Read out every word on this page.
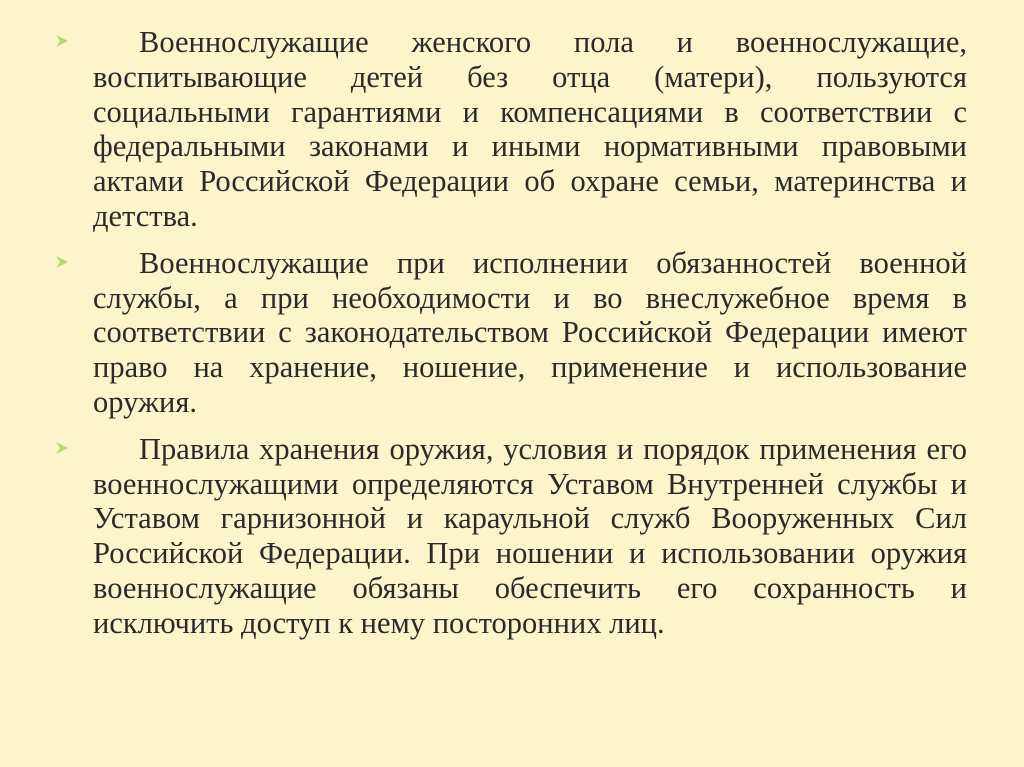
Военнослужащие женского пола и военнослужащие, воспитывающие детей без отца (матери), пользуются социальными гарантиями и компенсациями в соответствии с федеральными законами и иными нормативными правовыми актами Российской Федерации об охране семьи, материнства и детства.

Военнослужащие при исполнении обязанностей военной службы, а при необходимости и во внеслужебное время в соответствии с законодательством Российской Федерации имеют право на хранение, ношение, применение и использование оружия.

Правила хранения оружия, условия и порядок применения его военнослужащими определяются Уставом Внутренней службы и Уставом гарнизонной и караульной служб Вооруженных Сил Российской Федерации. При ношении и использовании оружия военнослужащие обязаны обеспечить его сохранность и исключить доступ к нему посторонних лиц.
